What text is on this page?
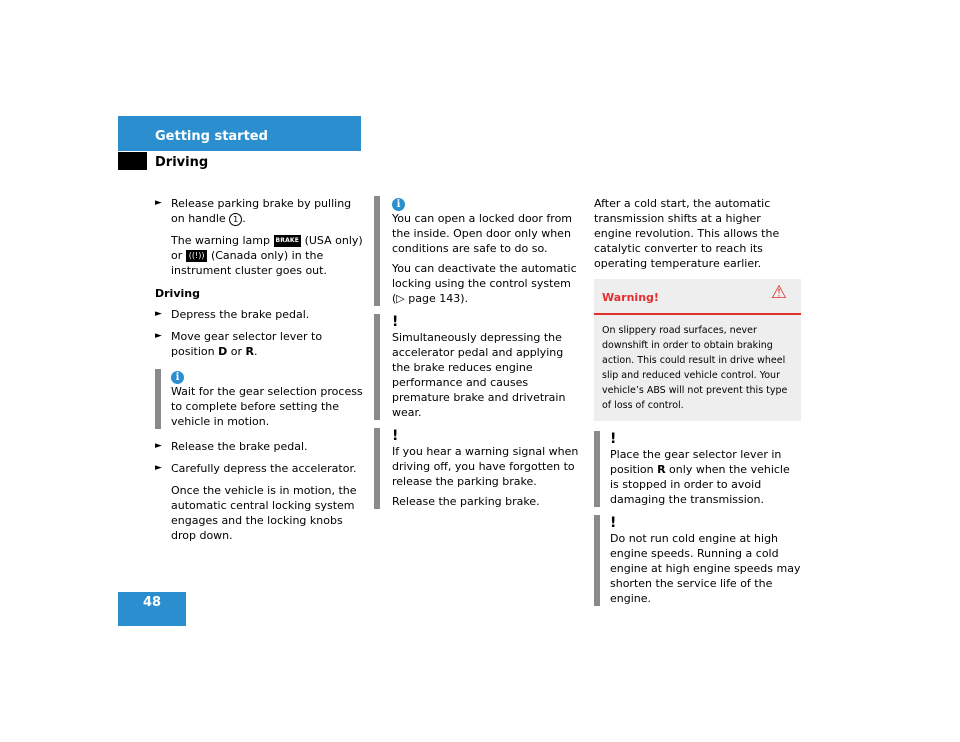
Getting started
Driving
48
► Release parking brake by pulling on handle 1 .
The warning lamp BRAKE (USA only)
or ((!)) (Canada only) in the instrument cluster goes out.
Driving
► Depress the brake pedal.
► Move gear selector lever to position D or R.
i
Wait for the gear selection process to complete before setting the vehicle in motion.
► Release the brake pedal.
► Carefully depress the accelerator.
Once the vehicle is in motion, the automatic central locking system engages and the locking knobs drop down.
i

You can open a locked door from the inside. Open door only when conditions are safe to do so.

You can deactivate the automatic locking using the control system

(▷ page 143).

!
Simultaneously depressing the accelerator pedal and applying the brake reduces engine performance and causes premature brake and drivetrain wear.
!

If you hear a warning signal when driving off, you have forgotten to release the parking brake.

Release the parking brake.

After a cold start, the automatic transmission shifts at a higher engine revolution. This allows the catalytic converter to reach its operating temperature earlier.
Warning!	⚠
On slippery road surfaces, never downshift in order to obtain braking action. This could result in drive wheel slip and reduced vehicle control. Your vehicle’s ABS will not prevent this type of loss of control.
!
Place the gear selector lever in position R only when the vehicle is stopped in order to avoid damaging the transmission.
!
Do not run cold engine at high engine speeds. Running a cold engine at high engine speeds may shorten the service life of the engine.
